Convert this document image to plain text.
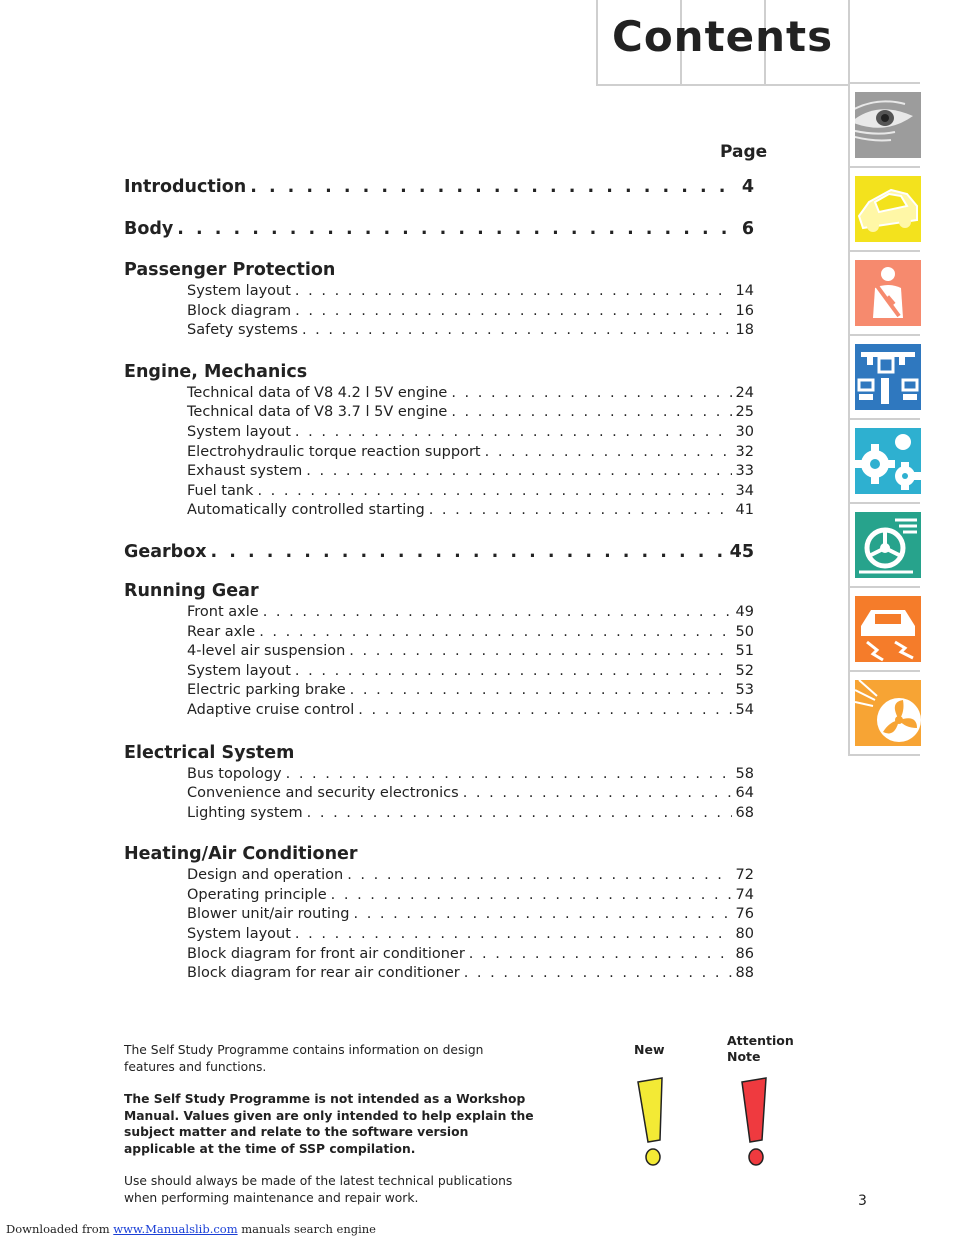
Contents
Page
Introduction . . .	4
Body . . .	6
Passenger Protection
System layout . . .	14
Block diagram . . .	16
Safety systems . . .	18
Engine, Mechanics
Technical data of V8 4.2 l 5V engine . . .	24
Technical data of V8 3.7 l 5V engine . . .	25
System layout . . .	30
Electrohydraulic torque reaction support . . .	32
Exhaust system . . .	33
Fuel tank . . .	34
Automatically controlled starting . . .	41
Gearbox . . .	45
Running Gear
Front axle . . .	49
Rear axle . . .	50
4-level air suspension . . .	51
System layout . . .	52
Electric parking brake . . .	53
Adaptive cruise control . . .	54
Electrical System
Bus topology . . .	58
Convenience and security electronics . . .	64
Lighting system . . .	68
Heating/Air Conditioner
Design and operation . . .	72
Operating principle . . .	74
Blower unit/air routing . . .	76
System layout . . .	80
Block diagram for front air conditioner . . .	86
Block diagram for rear air conditioner . . .	88

The Self Study Programme contains information on design features and functions.

The Self Study Programme is not intended as a Workshop Manual. Values given are only intended to help explain the subject matter and relate to the software version applicable at the time of SSP compilation.

Use should always be made of the latest technical publications when performing maintenance and repair work.

New
Attention
Note
3
Downloaded from www.Manualslib.com manuals search engine
